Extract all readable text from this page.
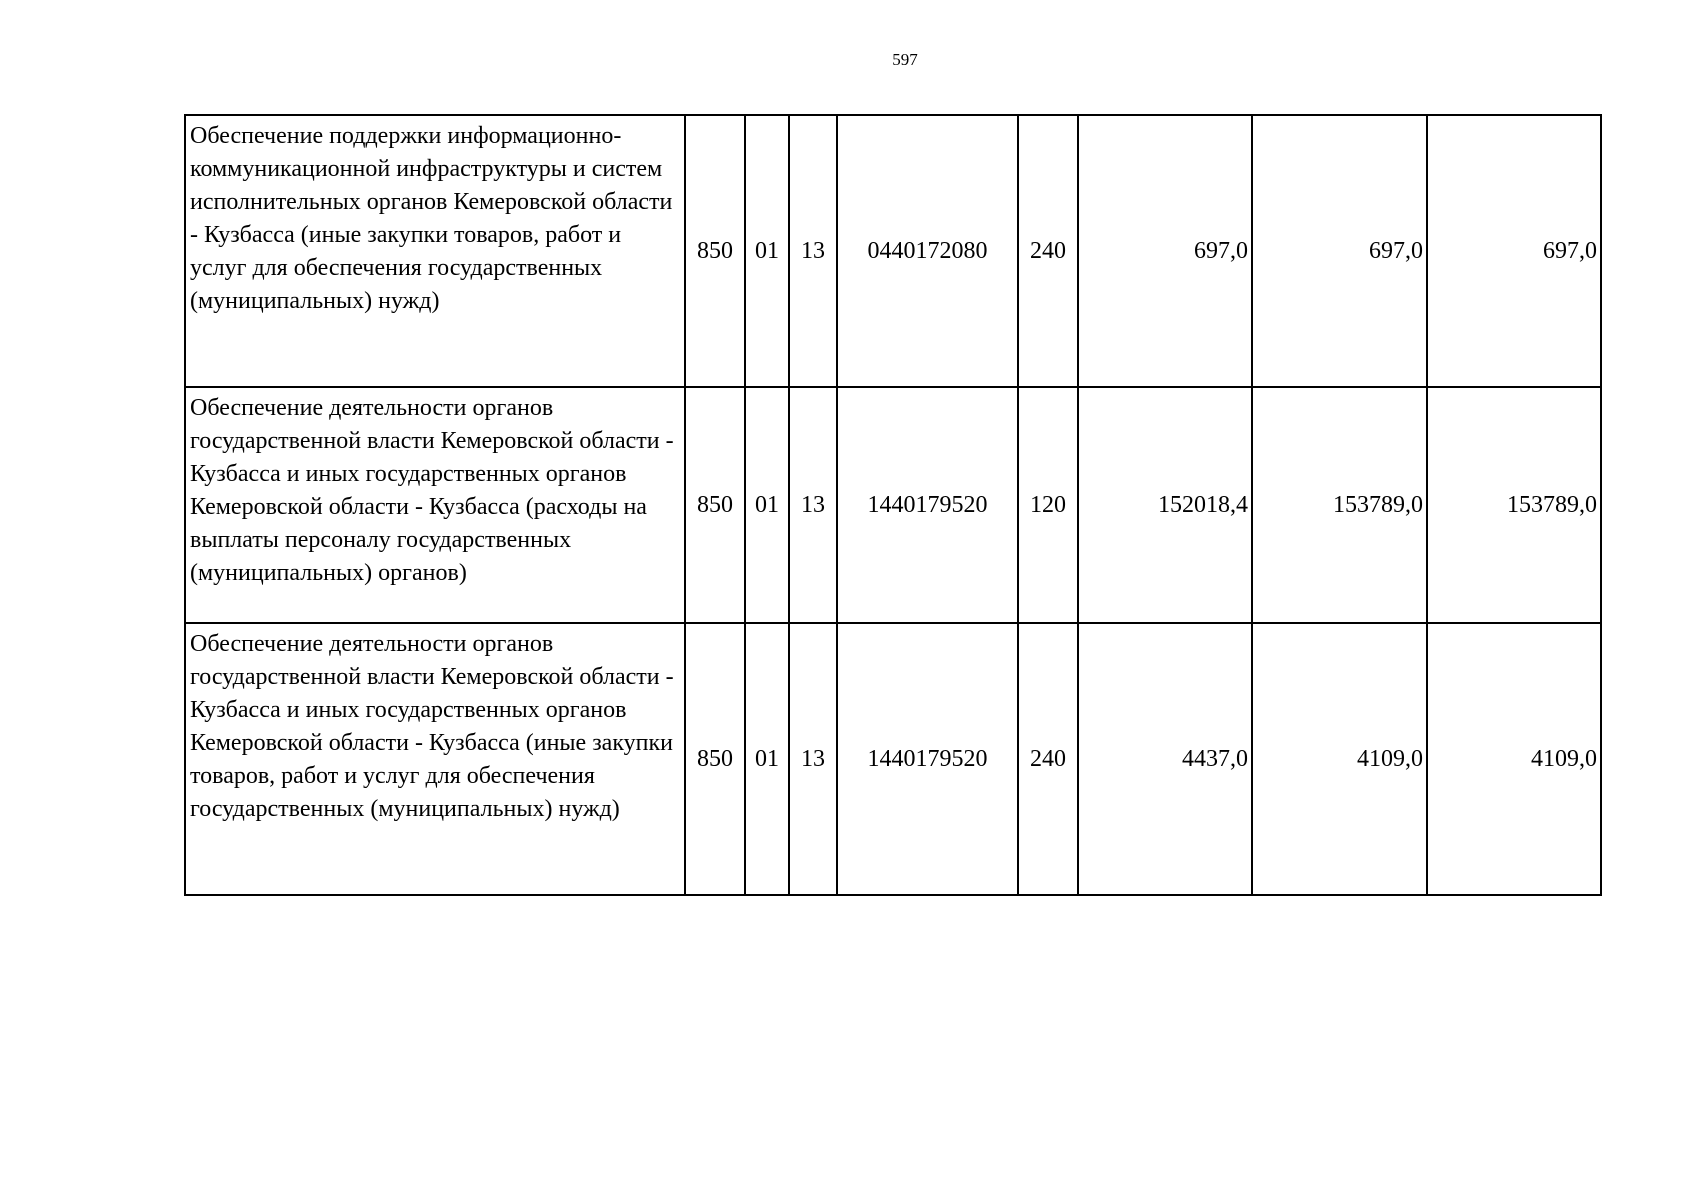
597
Обеспечение поддержки информационно-коммуникационной инфраструктуры и систем исполнительных органов Кемеровской области - Кузбасса (иные закупки товаров, работ и услуг для обеспечения государственных (муниципальных) нужд)	850	01	13	0440172080	240	697,0	697,0	697,0
Обеспечение деятельности органов государственной власти Кемеровской области - Кузбасса и иных государственных органов Кемеровской области - Кузбасса (расходы на выплаты персоналу государственных (муниципальных) органов)	850	01	13	1440179520	120	152018,4	153789,0	153789,0
Обеспечение деятельности органов государственной власти Кемеровской области - Кузбасса и иных государственных органов Кемеровской области - Кузбасса (иные закупки товаров, работ и услуг для обеспечения государственных (муниципальных) нужд)	850	01	13	1440179520	240	4437,0	4109,0	4109,0
